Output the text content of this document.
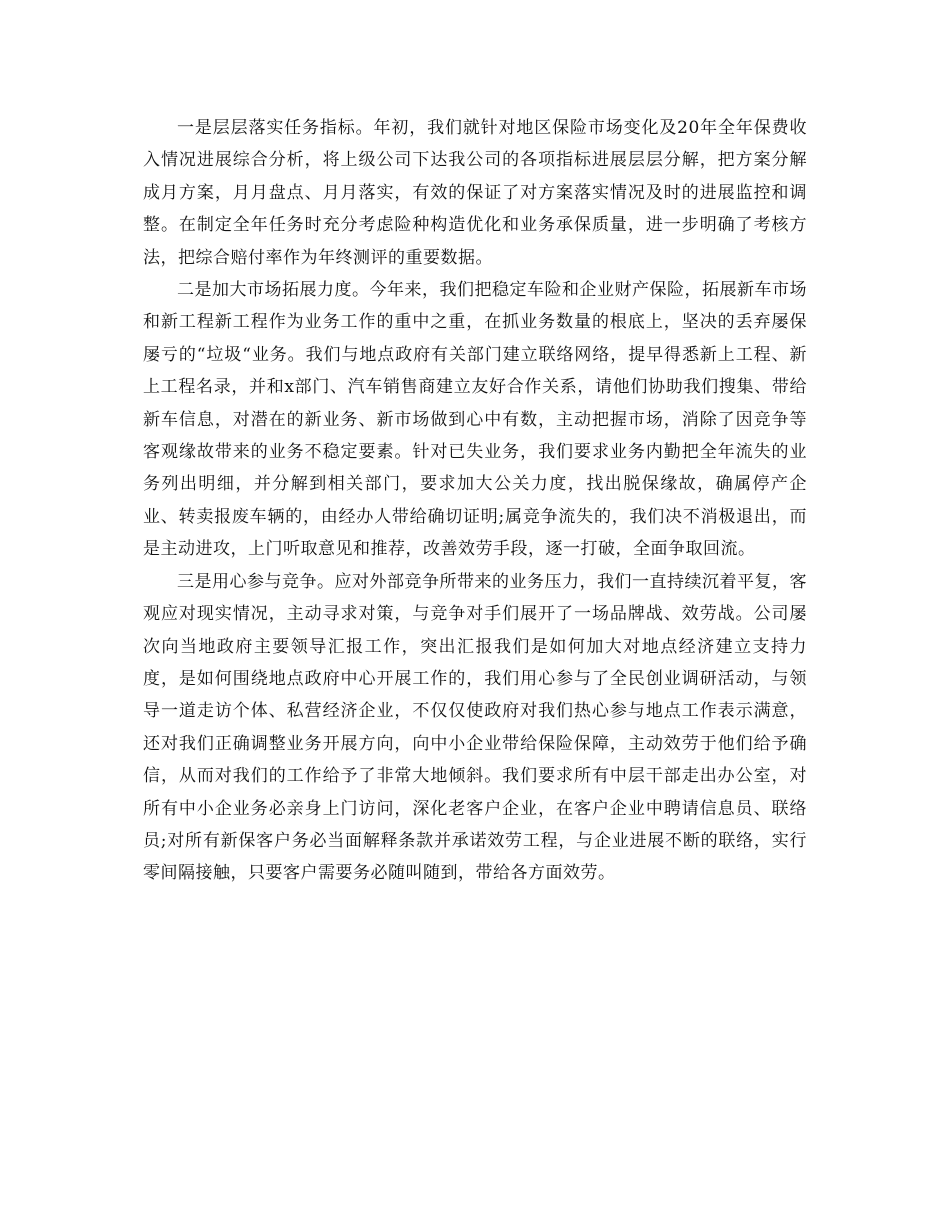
一是层层落实任务指标。年初，我们就针对地区保险市场变化及20年全年保费收入情况进展综合分析，将上级公司下达我公司的各项指标进展层层分解，把方案分解成月方案，月月盘点、月月落实，有效的保证了对方案落实情况及时的进展监控和调整。在制定全年任务时充分考虑险种构造优化和业务承保质量，进一步明确了考核方法，把综合赔付率作为年终测评的重要数据。

二是加大市场拓展力度。今年来，我们把稳定车险和企业财产保险，拓展新车市场和新工程新工程作为业务工作的重中之重，在抓业务数量的根底上，坚决的丢弃屡保屡亏的“垃圾“业务。我们与地点政府有关部门建立联络网络，提早得悉新上工程、新上工程名录，并和x部门、汽车销售商建立友好合作关系，请他们协助我们搜集、带给新车信息，对潜在的新业务、新市场做到心中有数，主动把握市场，消除了因竞争等客观缘故带来的业务不稳定要素。针对已失业务，我们要求业务内勤把全年流失的业务列出明细，并分解到相关部门，要求加大公关力度，找出脱保缘故，确属停产企业、转卖报废车辆的，由经办人带给确切证明;属竞争流失的，我们决不消极退出，而是主动进攻，上门听取意见和推荐，改善效劳手段，逐一打破，全面争取回流。

三是用心参与竞争。应对外部竞争所带来的业务压力，我们一直持续沉着平复，客观应对现实情况，主动寻求对策，与竞争对手们展开了一场品牌战、效劳战。公司屡次向当地政府主要领导汇报工作，突出汇报我们是如何加大对地点经济建立支持力度，是如何围绕地点政府中心开展工作的，我们用心参与了全民创业调研活动，与领导一道走访个体、私营经济企业，不仅仅使政府对我们热心参与地点工作表示满意，还对我们正确调整业务开展方向，向中小企业带给保险保障，主动效劳于他们给予确信，从而对我们的工作给予了非常大地倾斜。我们要求所有中层干部走出办公室，对所有中小企业务必亲身上门访问，深化老客户企业，在客户企业中聘请信息员、联络员;对所有新保客户务必当面解释条款并承诺效劳工程，与企业进展不断的联络，实行零间隔接触，只要客户需要务必随叫随到，带给各方面效劳。
